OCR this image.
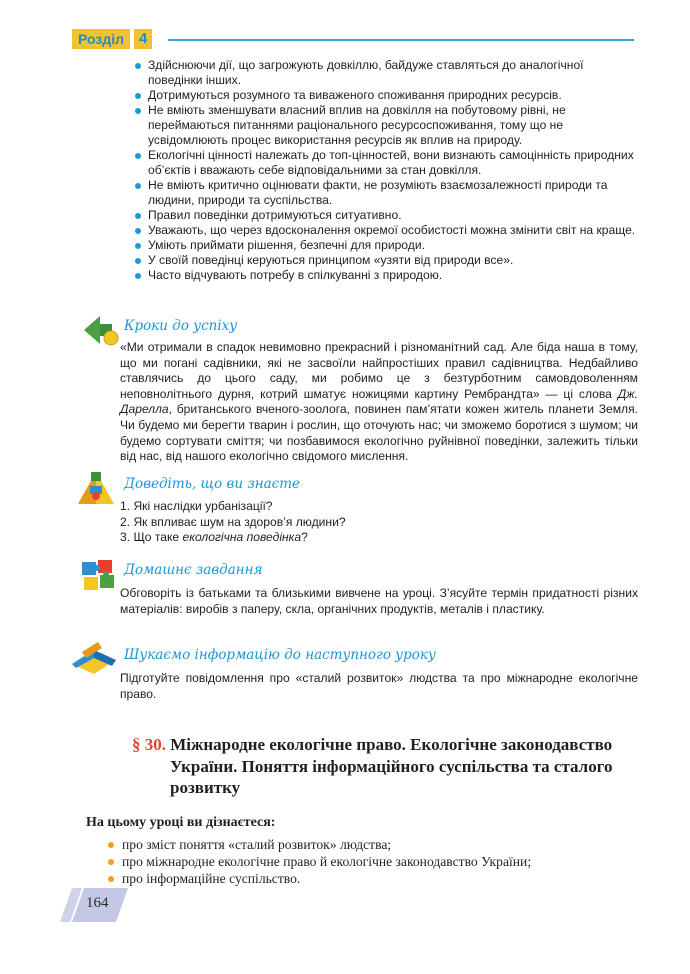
Розділ	4
Здійснюючи дії, що загрожують довкіллю, байдуже ставляться до аналогічної поведінки інших.
Дотримуються розумного та виваженого споживання природних ресурсів.
Не вміють зменшувати власний вплив на довкілля на побутовому рівні, не переймаються питаннями раціонального ресурсоспоживання, тому що не усвідомлюють процес використання ресурсів як вплив на природу.
Екологічні цінності належать до топ-цінностей, вони визнають самоцінність природних об’єктів і вважають себе відповідальними за стан довкілля.
Не вміють критично оцінювати факти, не розуміють взаємозалежності природи та людини, природи та суспільства.
Правил поведінки дотримуються ситуативно.
Уважають, що через вдосконалення окремої особистості можна змінити світ на краще.
Уміють приймати рішення, безпечні для природи.
У своїй поведінці керуються принципом «узяти від природи все».
Часто відчувають потребу в спілкуванні з природою.
Кроки до успіху
«Ми отримали в спадок невимовно прекрасний і різноманітний сад. Але біда наша в тому, що ми погані садівники, які не засвоїли найпростіших правил садівництва. Недбайливо ставлячись до цього саду, ми робимо це з безтурботним самовдоволенням неповнолітнього дурня, котрий шматує ножицями картину Рембрандта» — ці слова Дж. Дарелла, британського вченого-зоолога, повинен пам’ятати кожен житель планети Земля. Чи будемо ми берегти тварин і рослин, що оточують нас; чи зможемо боротися з шумом; чи будемо сортувати сміття; чи позбавимося екологічно руйнівної поведінки, залежить тільки від нас, від нашого екологічно свідомого мислення.
Доведіть, що ви знаєте
1. Які наслідки урбанізації?
2. Як впливає шум на здоров’я людини?
3. Що таке екологічна поведінка?
Домашнє завдання
Обговоріть із батьками та близькими вивчене на уроці. З’ясуйте термін придатності різних матеріалів: виробів з паперу, скла, органічних продуктів, металів і пластику.
Шукаємо інформацію до наступного уроку
Підготуйте повідомлення про «сталий розвиток» людства та про міжнародне екологічне право.
§ 30. Міжнародне екологічне право. Екологічне законодавство
України. Поняття інформаційного суспільства та сталого
розвитку
На цьому уроці ви дізнаєтеся:
про зміст поняття «сталий розвиток» людства;
про міжнародне екологічне право й екологічне законодавство України;
про інформаційне суспільство.
164
